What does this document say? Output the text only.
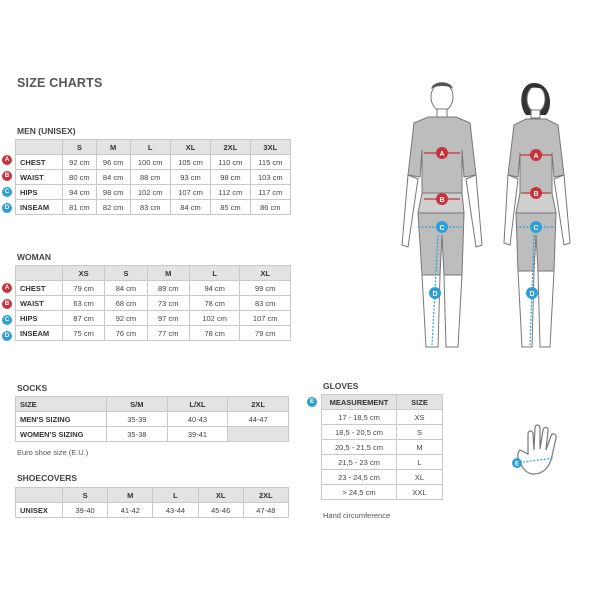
SIZE CHARTS
MEN (UNISEX)
A
B
C
D
	S	M	L	XL	2XL	3XL
CHEST	92 cm	96 cm	100 cm	105 cm	110 cm	115 cm
WAIST	80 cm	84 cm	88 cm	93 cm	98 cm	103 cm
HIPS	94 cm	98 cm	102 cm	107 cm	112 cm	117 cm
INSEAM	81 cm	82 cm	83 cm	84 cm	85 cm	86 cm
WOMAN
A
B
C
D
	XS	S	M	L	XL
CHEST	79 cm	84 cm	89 cm	94 cm	99 cm
WAIST	63 cm	68 cm	73 cm	78 cm	83 cm
HIPS	87 cm	92 cm	97 cm	102 cm	107 cm
INSEAM	75 cm	76 cm	77 cm	78 cm	79 cm
SOCKS
SIZE	S/M	L/XL	2XL
MEN'S SIZING	35-39	40-43	44-47
WOMEN'S SIZING	35-38	39-41	
Euro shoe size (E.U.)
SHOECOVERS
	S	M	L	XL	2XL
UNISEX	39-40	41-42	43-44	45-46	47-48
GLOVES
E	MEASUREMENT	SIZE
17 - 18,5 cm	XS
18,5 - 20,5 cm	S
20,5 - 21,5 cm	M
21,5 - 23 cm	L
23 - 24,5 cm	XL
> 24,5 cm	XXL
Hand circumference
E
A
B
C
D
A
B
C
D
